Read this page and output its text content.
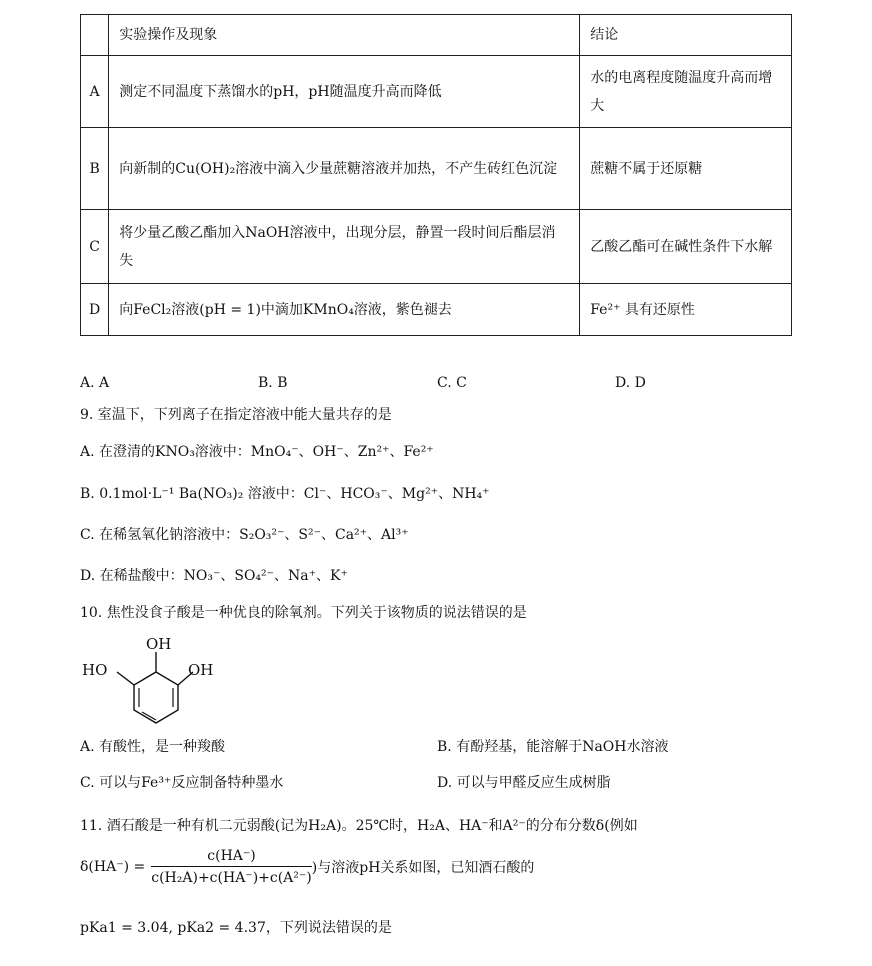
	实验操作及现象	结论
A	测定不同温度下蒸馏水的pH，pH随温度升高而降低	水的电离程度随温度升高而增大
B	向新制的Cu(OH)₂溶液中滴入少量蔗糖溶液并加热，不产生砖红色沉淀	蔗糖不属于还原糖
C	将少量乙酸乙酯加入NaOH溶液中，出现分层，静置一段时间后酯层消失	乙酸乙酯可在碱性条件下水解
D	向FeCl₂溶液(pH = 1)中滴加KMnO₄溶液，紫色褪去	Fe²⁺ 具有还原性
A. A	B. B	C. C	D. D
9. 室温下，下列离子在指定溶液中能大量共存的是
A. 在澄清的KNO₃溶液中：MnO₄⁻、OH⁻、Zn²⁺、Fe²⁺
B. 0.1mol·L⁻¹ Ba(NO₃)₂ 溶液中：Cl⁻、HCO₃⁻、Mg²⁺、NH₄⁺
C. 在稀氢氧化钠溶液中：S₂O₃²⁻、S²⁻、Ca²⁺、Al³⁺
D. 在稀盐酸中：NO₃⁻、SO₄²⁻、Na⁺、K⁺
10. 焦性没食子酸是一种优良的除氧剂。下列关于该物质的说法错误的是
OH
HO	OH
A. 有酸性，是一种羧酸	B. 有酚羟基，能溶解于NaOH水溶液
C. 可以与Fe³⁺反应制备特种墨水	D. 可以与甲醛反应生成树脂
11. 酒石酸是一种有机二元弱酸(记为H₂A)。25℃时，H₂A、HA⁻和A²⁻的分布分数δ(例如
$\delta(HA^-) = \frac{c(HA^-)}{\text{c(H₂A)+c(HA⁻)+c(A²⁻)}}$ )与溶液pH关系如图，已知酒石酸的
pKa1 = 3.04, pKa2 = 4.37，下列说法错误的是
